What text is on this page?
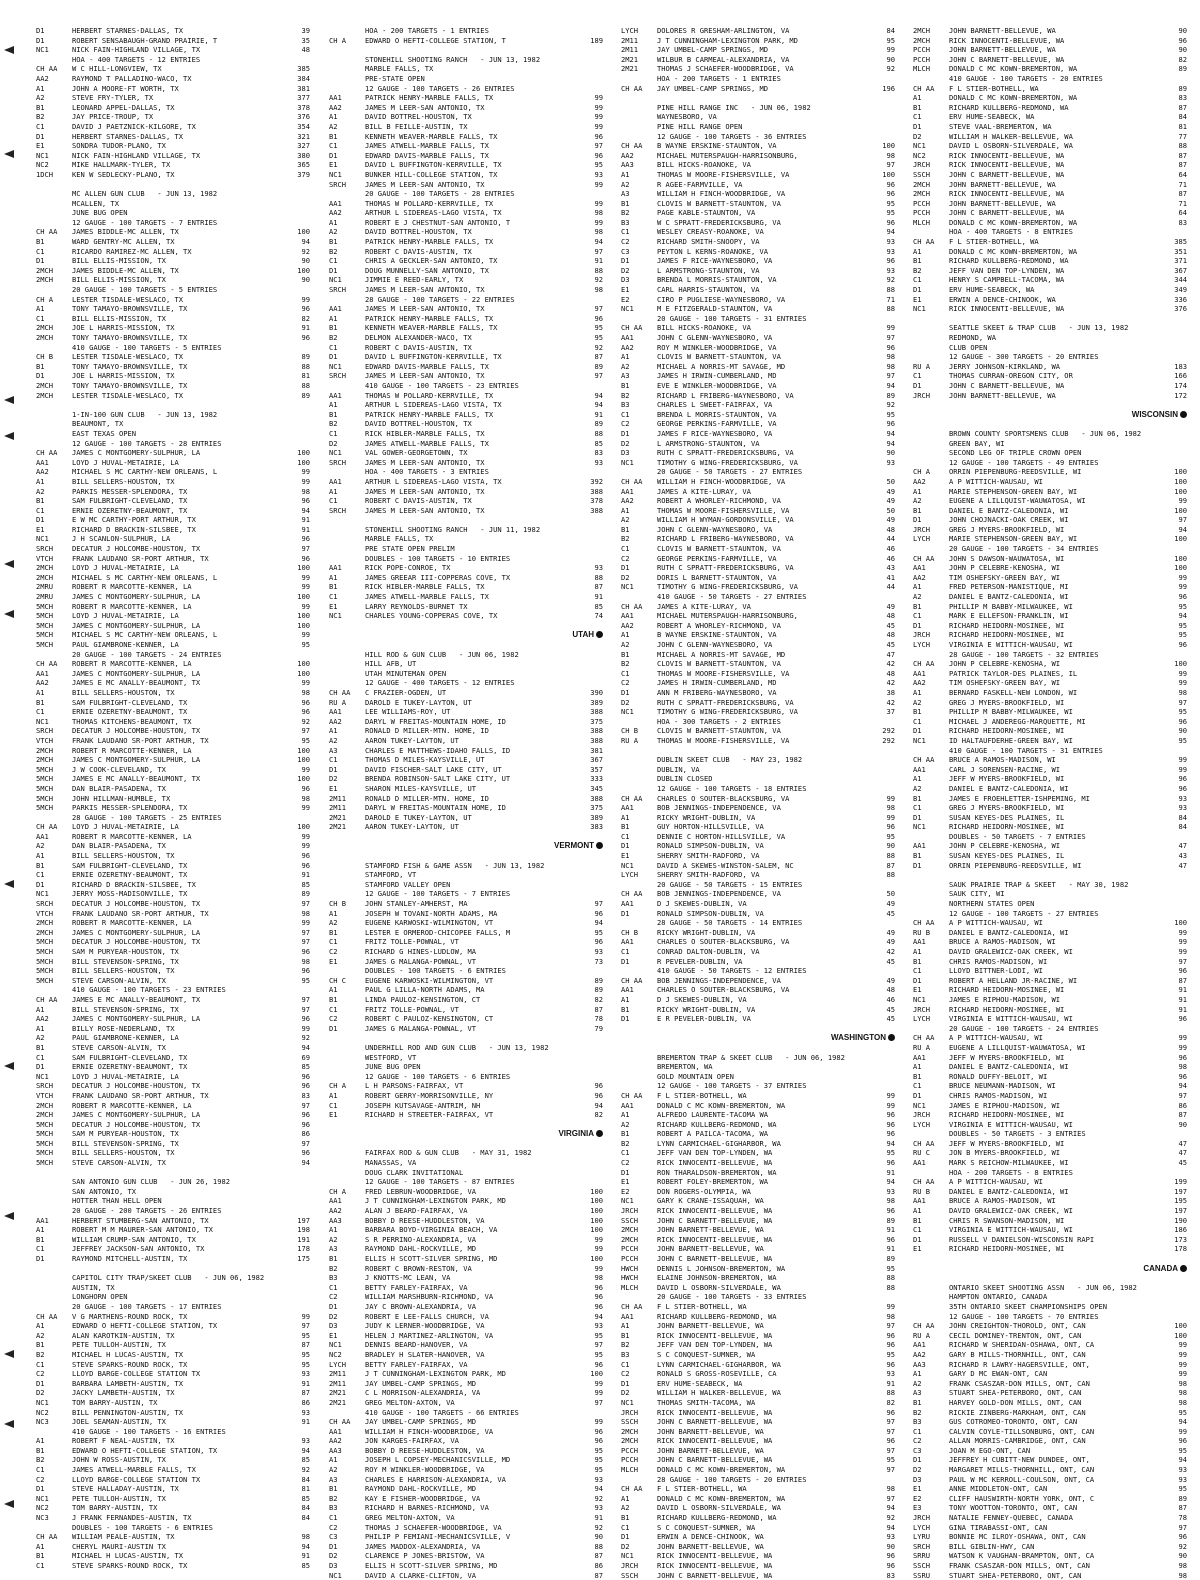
D1	HERBERT STARNES-DALLAS, TX	39
D1	ROBERT SENSABAUGH-GRAND PRAIRIE, T	35
NC1	NICK FAIN-HIGHLAND VILLAGE, TX	48
HOA - 400 TARGETS - 12 ENTRIES
CH AA W C HILL-LONGVIEW, TX	385
AA2	RAYMOND T PALLADINO-WACO, TX	384
A1	JOHN A MOORE-FT WORTH, TX	381
A2	STEVE FRY-TYLER, TX	377
B1	LEONARD APPEL-DALLAS, TX	378
B2	JAY PRICE-TROUP, TX	376
C1	DAVID J PAETZNICK-KILGORE, TX	354
D1	HERBERT STARNES-DALLAS, TX	321
E1	SONDRA TUDOR-PLANO, TX	327
NC1	NICK FAIN-HIGHLAND VILLAGE, TX	380
NC2	MIKE HALLMARK-TYLER, TX	365
1DCH	KEN W SEDLECKY-PLANO, TX	379
MC ALLEN GUN CLUB   - JUN 13, 1982
MCALLEN, TX
JUNE BUG OPEN
12 GAUGE - 100 TARGETS - 7 ENTRIES
CH AA JAMES BIDDLE-MC ALLEN, TX	100
B1	WARD GENTRY-MC ALLEN, TX	94
C1	RICARDO RAMIREZ-MC ALLEN, TX	92
D1	BILL ELLIS-MISSION, TX	90
2MCH	JAMES BIDDLE-MC ALLEN, TX	100
2MCH	BILL ELLIS-MISSION, TX	90
20 GAUGE - 100 TARGETS - 5 ENTRIES
CH A	LESTER TISDALE-WESLACO, TX	99
A1	TONY TAMAYO-BROWNSVILLE, TX	96
C1	BILL ELLIS-MISSION, TX	82
2MCH	JOE L HARRIS-MISSION, TX	91
2MCH	TONY TAMAYO-BROWNSVILLE, TX	96
410 GAUGE - 100 TARGETS - 5 ENTRIES
CH B	LESTER TISDALE-WESLACO, TX	89
B1	TONY TAMAYO-BROWNSVILLE, TX	88
D1	JOE L HARRIS-MISSION, TX	81
2MCH	TONY TAMAYO-BROWNSVILLE, TX	88
2MCH	LESTER TISDALE-WESLACO, TX	89
1-IN-100 GUN CLUB   - JUN 13, 1982
BEAUMONT, TX
EAST TEXAS OPEN
12 GAUGE - 100 TARGETS - 28 ENTRIES
CH AA JAMES C MONTGOMERY-SULPHUR, LA	100
AA1	LOYD J HUVAL-METAIRIE, LA	100
AA2	MICHAEL S MC CARTHY-NEW ORLEANS, L	99
A1	BILL SELLERS-HOUSTON, TX	99
A2	PARKIS MESSER-SPLENDORA, TX	98
B1	SAM FULBRIGHT-CLEVELAND, TX	96
C1	ERNIE OZERETNY-BEAUMONT, TX	94
D1	E W MC CARTHY-PORT ARTHUR, TX	91
E1	RICHARD D BRACKIN-SILSBEE, TX	91
NC1	J H SCANLON-SULPHUR, LA	96
SRCH	DECATUR J HOLCOMBE-HOUSTON, TX	97
VTCH	FRANK LAUDANO SR-PORT ARTHUR, TX	96
2MCH	LOYD J HUVAL-METAIRIE, LA	100
2MCH	MICHAEL S MC CARTHY-NEW ORLEANS, L	99
2MRU	ROBERT R MARCOTTE-KENNER, LA	99
2MRU	JAMES C MONTGOMERY-SULPHUR, LA	100
5MCH	ROBERT R MARCOTTE-KENNER, LA	99
5MCH	LOYD J HUVAL-METAIRIE, LA	100
5MCH	JAMES C MONTGOMERY-SULPHUR, LA	100
5MCH	MICHAEL S MC CARTHY-NEW ORLEANS, L	99
5MCH	PAUL GIAMBRONE-KENNER, LA	95
20 GAUGE - 100 TARGETS - 24 ENTRIES
CH AA ROBERT R MARCOTTE-KENNER, LA	100
AA1	JAMES C MONTGOMERY-SULPHUR, LA	100
AA2	JAMES E MC ANALLY-BEAUMONT, TX	99
A1	BILL SELLERS-HOUSTON, TX	98
B1	SAM FULBRIGHT-CLEVELAND, TX	96
C1	ERNIE OZERETNY-BEAUMONT, TX	96
NC1	THOMAS KITCHENS-BEAUMONT, TX	92
SRCH	DECATUR J HOLCOMBE-HOUSTON, TX	97
VTCH	FRANK LAUDANO SR-PORT ARTHUR, TX	95
2MCH	ROBERT R MARCOTTE-KENNER, LA	100
2MCH	JAMES C MONTGOMERY-SULPHUR, LA	100
5MCH	J W COOK-CLEVELAND, TX	99
5MCH	JAMES E MC ANALLY-BEAUMONT, TX	100
5MCH	DAN BLAIR-PASADENA, TX	96
5MCH	JOHN HILLMAN-HUMBLE, TX	98
5MCH	PARKIS MESSER-SPLENDORA, TX	99
28 GAUGE - 100 TARGETS - 25 ENTRIES
CH AA LOYD J HUVAL-METAIRIE, LA	100
AA1	ROBERT R MARCOTTE-KENNER, LA	99
A2	DAN BLAIR-PASADENA, TX	99
A1	BILL SELLERS-HOUSTON, TX	96
B1	SAM FULBRIGHT-CLEVELAND, TX	96
C1	ERNIE OZERETNY-BEAUMONT, TX	91
D1	RICHARD D BRACKIN-SILSBEE, TX	85
NC1	JERRY MOSS-MADISONVILLE, TX	89
SRCH	DECATUR J HOLCOMBE-HOUSTON, TX	97
VTCH	FRANK LAUDANO SR-PORT ARTHUR, TX	98
2MCH	ROBERT R MARCOTTE-KENNER, LA	99
2MCH	JAMES C MONTGOMERY-SULPHUR, LA	97
5MCH	DECATUR J HOLCOMBE-HOUSTON, TX	97
5MCH	SAM M PURYEAR-HOUSTON, TX	96
5MCH	BILL STEVENSON-SPRING, TX	98
5MCH	BILL SELLERS-HOUSTON, TX	96
5MCH	STEVE CARSON-ALVIN, TX	95
410 GAUGE - 100 TARGETS - 23 ENTRIES
CH AA JAMES E MC ANALLY-BEAUMONT, TX	97
A1	BILL STEVENSON-SPRING, TX	97
AA2	JAMES C MONTGOMERY-SULPHUR, LA	96
A1	BILLY ROSE-NEDERLAND, TX	99
A2	PAUL GIAMBRONE-KENNER, LA	92
B1	STEVE CARSON-ALVIN, TX	94
C1	SAM FULBRIGHT-CLEVELAND, TX	69
D1	ERNIE OZERETNY-BEAUMONT, TX	85
NC1	LOYD J HUVAL-METAIRIE, LA	96
SRCH	DECATUR J HOLCOMBE-HOUSTON, TX	96
VTCH	FRANK LAUDANO SR-PORT ARTHUR, TX	83
2MCH	ROBERT R MARCOTTE-KENNER, LA	97
2MCH	JAMES C MONTGOMERY-SULPHUR, LA	96
5MCH	DECATUR J HOLCOMBE-HOUSTON, TX	96
5MCH	SAM M PURYEAR-HOUSTON, TX	86
5MCH	BILL STEVENSON-SPRING, TX	97
5MCH	BILL SELLERS-HOUSTON, TX	96
5MCH	STEVE CARSON-ALVIN, TX	94
SAN ANTONIO GUN CLUB   - JUN 26, 1982
SAN ANTONIO, TX
HOTTER THAN HELL OPEN
20 GAUGE - 200 TARGETS - 26 ENTRIES
AA1	HERBERT STUMBERG-SAN ANTONIO, TX	197
A1	ROBERT M M MAURER-SAN ANTONIO, TX	198
B1	WILLIAM CRUMP-SAN ANTONIO, TX	191
C1	JEFFREY JACKSON-SAN ANTONIO, TX	178
D1	RAYMOND MITCHELL-AUSTIN, TX	175
CAPITOL CITY TRAP/SKEET CLUB   - JUN 06, 1982
AUSTIN, TX
LONGHORN OPEN
20 GAUGE - 100 TARGETS - 17 ENTRIES
CH AA V G MARTHENS-ROUND ROCK, TX	99
A1	EDWARD O HEFTI-COLLEGE STATION, TX	97
A2	ALAN KAROTKIN-AUSTIN, TX	95
B1	PETE TULLOH-AUSTIN, TX	87
B2	MICHAEL H LUCAS-AUSTIN, TX	95
C1	STEVE SPARKS-ROUND ROCK, TX	95
C2	LLOYD BARGE-COLLEGE STATION TX	93
D1	BARBARA LAMBETH-AUSTIN, TX	91
D2	JACKY LAMBETH-AUSTIN, TX	87
NC1	TOM BARRY-AUSTIN, TX	86
NC2	BILL PENNINGTON-AUSTIN, TX	93
NC3	JOEL SEAMAN-AUSTIN, TX	91
410 GAUGE - 100 TARGETS - 16 ENTRIES
A1	ROBERT F NEAL-AUSTIN, TX	93
B1	EDWARD O HEFTI-COLLEGE STATION, TX	94
B2	JOHN W ROSS-AUSTIN, TX	85
C1	JAMES ATWELL-MARBLE FALLS, TX	92
C2	LLOYD BARGE-COLLEGE STATION TX	84
D1	STEVE HALLADAY-AUSTIN, TX	81
NC1	PETE TULLOH-AUSTIN, TX	85
NC2	TOM BARRY-AUSTIN, TX	84
NC3	J FRANK FERNANDES-AUSTIN, TX	84
DOUBLES - 100 TARGETS - 6 ENTRIES
CH AA WILLIAM PEALE-AUSTIN, TX	98
A1	CHERYL MAURI-AUSTIN TX	94
B1	MICHAEL H LUCAS-AUSTIN, TX	91
C1	STEVE SPARKS-ROUND ROCK, TX	85
HOA - 200 TARGETS - 1 ENTRIES
CH A	EDWARD O HEFTI-COLLEGE STATION, T	189
STONEHILL SHOOTING RANCH   - JUN 13, 1982
MARBLE FALLS, TX
PRE-STATE OPEN
12 GAUGE - 100 TARGETS - 26 ENTRIES
AA1	PATRICK HENRY-MARBLE FALLS, TX	99
AA2	JAMES M LEER-SAN ANTONIO, TX	99
A1	DAVID BOTTREL-HOUSTON, TX	99
A2	BILL B FEILLE-AUSTIN, TX	99
B1	KENNETH WEAVER-MARBLE FALLS, TX	96
C1	JAMES ATWELL-MARBLE FALLS, TX	97
D1	EDWARD DAVIS-MARBLE FALLS, TX	96
E1	DAVID L BUFFINGTON-KERRVILLE, TX	95
NC1	BUNKER HILL-COLLEGE STATION, TX	93
SRCH	JAMES M LEER-SAN ANTONIO, TX	99
20 GAUGE - 100 TARGETS - 28 ENTRIES
AA1	THOMAS W POLLARD-KERRVILLE, TX	99
AA2	ARTHUR L SIDEREAS-LAGO VISTA, TX	98
A1	ROBERT E J CHESTNUT-SAN ANTONIO, T	99
A2	DAVID BOTTREL-HOUSTON, TX	98
B1	PATRICK HENRY-MARBLE FALLS, TX	94
B2	ROBERT C DAVIS-AUSTIN, TX	97
C1	CHRIS A GECKLER-SAN ANTONIO, TX	91
D1	DOUG MUNNELLY-SAN ANTONIO, TX	88
NC1	JIMMIE E REED-EARLY, TX	92
SRCH	JAMES M LEER-SAN ANTONIO, TX	98
28 GAUGE - 100 TARGETS - 22 ENTRIES
AA1	JAMES M LEER-SAN ANTONIO, TX	97
A1	PATRICK HENRY-MARBLE FALLS, TX	96
B1	KENNETH WEAVER-MARBLE FALLS, TX	95
B2	DELMON ALEXANDER-WACO, TX	95
C1	ROBERT C DAVIS-AUSTIN, TX	92
D1	DAVID L BUFFINGTON-KERRVILLE, TX	87
NC1	EDWARD DAVIS-MARBLE FALLS, TX	89
SRCH	JAMES M LEER-SAN ANTONIO, TX	97
410 GAUGE - 100 TARGETS - 23 ENTRIES
AA1	THOMAS W POLLARD-KERRVILLE, TX	94
A1	ARTHUR L SIDEREAS-LAGO VISTA, TX	94
B1	PATRICK HENRY-MARBLE FALLS, TX	91
B2	DAVID BOTTREL-HOUSTON, TX	89
C1	RICK HIBLER-MARBLE FALLS, TX	88
D2	JAMES ATWELL-MARBLE FALLS, TX	85
NC1	VAL GOWER-GEORGETOWN, TX	83
SRCH	JAMES M LEER-SAN ANTONIO, TX	93
HOA - 400 TARGETS - 3 ENTRIES
AA1	ARTHUR L SIDEREAS-LAGO VISTA, TX	392
A1	JAMES M LEER-SAN ANTONIO, TX	388
C1	ROBERT C DAVIS-AUSTIN, TX	378
SRCH	JAMES M LEER-SAN ANTONIO, TX	388
STONEHILL SHOOTING RANCH   - JUN 11, 1982
MARBLE FALLS, TX
PRE STATE OPEN PRELIM
DOUBLES - 100 TARGETS - 10 ENTRIES
AA1	RICK POPE-CONROE, TX	93
A1	JAMES GREEAR III-COPPERAS COVE, TX	88
B1	RICK HIBLER-MARBLE FALLS, TX	87
C1	JAMES ATWELL-MARBLE FALLS, TX	91
E1	LARRY REYNOLDS-BURNET TX	85
NC1	CHARLES YOUNG-COPPERAS COVE, TX	74
UTAH
HILL ROD & GUN CLUB   - JUN 06, 1982
HILL AFB, UT
UTAH MINUTEMAN OPEN
12 GAUGE - 400 TARGETS - 12 ENTRIES
CH AA C FRAZIER-OGDEN, UT	390
RU A	DAROLD E TUKEY-LAYTON, UT	389
AA1	LEE WILLIAMS-ROY, UT	388
AA2	DARYL W FREITAS-MOUNTAIN HOME, ID	375
A1	RONALD D MILLER-MTN. HOME, ID	388
A2	AARON TUKEY-LAYTON, UT	388
A3	CHARLES E MATTHEWS-IDAHO FALLS, ID	381
C1	THOMAS D MILES-KAYSVILLE, UT	367
D1	DAVID FISCHER-SALT LAKE CITY, UT	357
D2	BRENDA ROBINSON-SALT LAKE CITY, UT	333
E1	SHARON MILES-KAYSVILLE, UT	345
2M11	RONALD D MILLER-MTN. HOME, ID	388
2M11	DARYL W FREITAS-MOUNTAIN HOME, ID	375
2M21	DAROLD E TUKEY-LAYTON, UT	389
2M21	AARON TUKEY-LAYTON, UT	383
VERMONT
STAMFORD FISH & GAME ASSN   - JUN 13, 1982
STAMFORD, VT
STAMFORD VALLEY OPEN
12 GAUGE - 100 TARGETS - 7 ENTRIES
CH B	JOHN STANLEY-AMHERST, MA	97
A1	JOSEPH W TOVANI-NORTH ADAMS, MA	96
A2	EUGENE KARWOSKI-WILMINGTON, VT	94
B1	LESTER E ORMEROD-CHICOPEE FALLS, M	95
C1	FRITZ TOLLE-POWNAL, VT	96
C2	RICHARD G HINES-LUDLOW, MA	93
E1	JAMES G MALANGA-POWNAL, VT	73
DOUBLES - 100 TARGETS - 6 ENTRIES
CH C	EUGENE KARWOSKI-WILMINGTON, VT	89
A1	PAUL G LILLA-NORTH ADAMS, MA	89
B1	LINDA PAULOZ-KENSINGTON, CT	82
C1	FRITZ TOLLE-POWNAL, VT	87
C2	ROBERT C PAULOZ-KENSINGTON, CT	78
D1	JAMES G MALANGA-POWNAL, VT	79
UNDERHILL ROD AND GUN CLUB   - JUN 13, 1982
WESTFORD, VT
JUNE BUG OPEN
12 GAUGE - 100 TARGETS - 6 ENTRIES
CH A	L H PARSONS-FAIRFAX, VT	96
A1	ROBERT GERRY-MORRISONVILLE, NY	96
C1	JOSEPH KUTSAVAGE-ANTRIM, NH	94
E1	RICHARD H STREETER-FAIRFAX, VT	82
VIRGINIA
FAIRFAX ROD & GUN CLUB   - MAY 31, 1982
MANASSAS, VA
DOUG CLARK INVITATIONAL
12 GAUGE - 100 TARGETS - 87 ENTRIES
CH A	FRED LEBRUN-WOODBRIDGE, VA	100
AA1	J T CUNNINGHAM-LEXINGTON PARK, MD	100
AA2	ALAN J BEARD-FAIRFAX, VA	100
AA3	BOBBY D REESE-HUDDLESTON, VA	100
A1	BARBARA BOYD-VIRGINIA BEACH, VA	100
A2	S R PERRINO-ALEXANDRIA, VA	99
A3	RAYMOND DAHL-ROCKVILLE, MD	99
B1	ELLIS H SCOTT-SILVER SPRING, MD	100
B2	ROBERT C BROWN-RESTON, VA	99
B3	J KNOTTS-MC LEAN, VA	98
C1	BETTY FARLEY-FAIRFAX, VA	96
C2	WILLIAM MARSHBURN-RICHMOND, VA	96
D1	JAY C BROWN-ALEXANDRIA, VA	96
D2	ROBERT E LEE-FALLS CHURCH, VA	94
D3	JUDY K LERNER-WOODBRIDGE, VA	93
E1	HELEN J MARTINEZ-ARLINGTON, VA	95
NC1	DENNIS BEARD-HANOVER, VA	97
NC2	BRADLEY H SLATER-HANOVER, VA	95
LYCH	BETTY FARLEY-FAIRFAX, VA	96
2M11	J T CUNNINGHAM-LEXINGTON PARK, MD	100
2M11	JAY UMBEL-CAMP SPRINGS, MD	99
2M21	C L MORRISON-ALEXANDRIA, VA	99
2M21	GREG MELTON-AXTON, VA	97
410 GAUGE - 100 TARGETS - 66 ENTRIES
CH AA JAY UMBEL-CAMP SPRINGS, MD	99
AA1	WILLIAM H FINCH-WOODBRIDGE, VA	96
AA2	JON KARGES-FAIRFAX, VA	96
AA3	BOBBY D REESE-HUDDLESTON, VA	95
A1	JOSEPH L COPSEY-MECHANICSVILLE, MD	95
A2	ROY M WINKLER-WOODBRIDGE, VA	95
A3	CHARLES E HARRISON-ALEXANDRIA, VA	93
B1	RAYMOND DAHL-ROCKVILLE, MD	94
B2	KAY E FISHER-WOODBRIDGE, VA	92
B3	RICHARD H BARNES-RICHMOND, VA	93
C1	GREG MELTON-AXTON, VA	91
C2	THOMAS J SCHAEFER-WOODBRIDGE, VA	92
C3	PHILIP P FEMIANI-MECHANICSVILLE, V	90
D1	JAMES MADDOX-ALEXANDRIA, VA	88
D2	CLARENCE P JONES-BRISTOW, VA	87
D3	ELLIS H SCOTT-SILVER SPRING, MD	86
NC1	DAVID A CLARKE-CLIFTON, VA	87
LYCH	DOLORES R GRESHAM-ARLINGTON, VA	84
2M11	J T CUNNINGHAM-LEXINGTON PARK, MD	95
2M11	JAY UMBEL-CAMP SPRINGS, MD	99
2M21	WILBUR B CARMEAL-ALEXANDRIA, VA	90
2M21	THOMAS J SCHAEFER-WOODBRIDGE, VA	92
HOA - 200 TARGETS - 1 ENTRIES
CH AA JAY UMBEL-CAMP SPRINGS, MD	196
PINE HILL RANGE INC   - JUN 06, 1982
WAYNESBORO, VA
PINE HILL RANGE OPEN
12 GAUGE - 100 TARGETS - 36 ENTRIES
CH AA B WAYNE ERSKINE-STAUNTON, VA	100
AA2	MICHAEL MUTERSPAUGH-HARRISONBURG,	98
AA3	BILL HICKS-ROANOKE, VA	97
A1	THOMAS W MOORE-FISHERSVILLE, VA	100
A2	R AGEE-FARMVILLE, VA	96
A3	WILLIAM H FINCH-WOODBRIDGE, VA	96
B1	CLOVIS W BARNETT-STAUNTON, VA	95
B2	PAGE KABLE-STAUNTON, VA	95
B3	W C SPRATT-FREDERICKSBURG, VA	96
C1	WESLEY CREASY-ROANOKE, VA	94
C2	RICHARD SMITH-SNOOPY, VA	93
C3	PEYTON L KERNS-ROANOKE, VA	93
D1	JAMES F RICE-WAYNESBORO, VA	96
D2	L ARMSTRONG-STAUNTON, VA	93
D3	BRENDA L MORRIS-STAUNTON, VA	92
E1	CARL HARRIS-STAUNTON, VA	88
E2	CIRO P PUGLIESE-WAYNESBORO, VA	71
NC1	M E FITZGERALD-STAUNTON, VA	88
20 GAUGE - 100 TARGETS - 31 ENTRIES
CH AA BILL HICKS-ROANOKE, VA	99
AA1	JOHN C GLENN-WAYNESBORO, VA	97
AA2	ROY M WINKLER-WOODBRIDGE, VA	96
A1	CLOVIS W BARNETT-STAUNTON, VA	98
A2	MICHAEL A NORRIS-MT SAVAGE, MD	98
A3	JAMES H IRWIN-CUMBERLAND, MD	97
B1	EVE E WINKLER-WOODBRIDGE, VA	94
B2	RICHARD L FRIBERG-WAYNESBORO, VA	89
B3	CHARLES L SWEET-FAIRFAX, VA	92
C1	BRENDA L MORRIS-STAUNTON, VA	95
C2	GEORGE PERKINS-FARMVILLE, VA	96
D1	JAMES F RICE-WAYNESBORO, VA	94
D2	L ARMSTRONG-STAUNTON, VA	94
D3	RUTH C SPRATT-FREDERICKSBURG, VA	90
NC1	TIMOTHY G WING-FREDERICKSBURG, VA	93
20 GAUGE - 50 TARGETS - 27 ENTRIES
CH AA WILLIAM H FINCH-WOODBRIDGE, VA	50
AA1	JAMES A KITE-LURAY, VA	49
AA2	ROBERT A WHORLEY-RICHMOND, VA	49
A1	THOMAS W MOORE-FISHERSVILLE, VA	50
A2	WILLIAM H WYMAN-GORDONSVILLE, VA	49
B1	JOHN C GLENN-WAYNESBORO, VA	48
B2	RICHARD L FRIBERG-WAYNESBORO, VA	44
C1	CLOVIS W BARNETT-STAUNTON, VA	46
C2	GEORGE PERKINS-FARMVILLE, VA	46
D1	RUTH C SPRATT-FREDERICKSBURG, VA	43
D2	DORIS L BARNETT-STAUNTON, VA	41
NC1	TIMOTHY G WING-FREDERICKSBURG, VA	44
410 GAUGE - 50 TARGETS - 27 ENTRIES
CH AA JAMES A KITE-LURAY, VA	49
AA1	MICHAEL MUTERSPAUGH-HARRISONBURG,	48
AA2	ROBERT A WHORLEY-RICHMOND, VA	45
A1	B WAYNE ERSKINE-STAUNTON, VA	48
A2	JOHN C GLENN-WAYNESBORO, VA	45
B1	MICHAEL A NORRIS-MT SAVAGE, MD	47
B2	CLOVIS W BARNETT-STAUNTON, VA	42
C1	THOMAS W MOORE-FISHERSVILLE, VA	48
C2	JAMES H IRWIN-CUMBERLAND, MD	42
D1	ANN M FRIBERG-WAYNESBORO, VA	38
D2	RUTH C SPRATT-FREDERICKSBURG, VA	42
NC1	TIMOTHY G WING-FREDERICKSBURG, VA	37
HOA - 300 TARGETS - 2 ENTRIES
CH B	CLOVIS W BARNETT-STAUNTON, VA	292
RU A	THOMAS W MOORE-FISHERSVILLE, VA	292
DUBLIN SKEET CLUB   - MAY 23, 1982
DUBLIN, VA
DUBLIN CLOSED
12 GAUGE - 100 TARGETS - 18 ENTRIES
CH AA CHARLES O SOUTER-BLACKSBURG, VA	99
AA1	BOB JENNINGS-INDEPENDENCE, VA	98
A1	RICKY WRIGHT-DUBLIN, VA	99
B1	GUY HORTON-HILLSVILLE, VA	96
C1	DENNIE C HORTON-HILLSVILLE, VA	95
D1	RONALD SIMPSON-DUBLIN, VA	90
E1	SHERRY SMITH-RADFORD, VA	88
NC1	DAVID A SKEWES-WINSTON-SALEM, NC	87
LYCH	SHERRY SMITH-RADFORD, VA	88
20 GAUGE - 50 TARGETS - 15 ENTRIES
CH AA BOB JENNINGS-INDEPENDENCE, VA	50
AA1	D J SKEWES-DUBLIN, VA	49
D1	RONALD SIMPSON-DUBLIN, VA	45
28 GAUGE - 50 TARGETS - 14 ENTRIES
CH B	RICKY WRIGHT-DUBLIN, VA	49
AA1	CHARLES O SOUTER-BLACKSBURG, VA	49
C1	CONRAD DALTON-DUBLIN, VA	42
D1	R PEVELER-DUBLIN, VA	45
410 GAUGE - 50 TARGETS - 12 ENTRIES
CH AA BOB JENNINGS-INDEPENDENCE, VA	49
AA1	CHARLES O SOUTER-BLACKSBURG, VA	48
A1	D J SKEWES-DUBLIN, VA	46
B1	RICKY WRIGHT-DUBLIN, VA	45
D1	E R PEVELER-DUBLIN, VA	45
WASHINGTON
BREMERTON TRAP & SKEET CLUB   - JUN 06, 1982
BREMERTON, WA
GOLD MOUNTAIN OPEN
12 GAUGE - 100 TARGETS - 37 ENTRIES
CH AA F L STIER-BOTHELL, WA	99
AA1	DONALD C MC KOWN-BREMERTON, WA	99
A1	ALFREDO LAURENTE-TACOMA WA	96
A2	RICHARD KULLBERG-REDMOND, WA	96
B1	ROBERT A PAILCA-TACOMA, WA	96
B2	LYNN CARMICHAEL-GIGHARBOR, WA	94
C1	JEFF VAN DEN TOP-LYNDEN, WA	95
C2	RICK INNOCENTI-BELLEVUE, WA	96
D1	RON THARALDSON-BREMERTON, WA	91
E1	ROBERT FOLEY-BREMERTON, WA	94
E2	DON ROGERS-OLYMPIA, WA	93
NC1	GARY K CRANE-ISSAQUAH, WA	98
JRCH	RICK INNOCENTI-BELLEVUE, WA	96
SSCH	JOHN C BARNETT-BELLEVUE, WA	89
2MCH	JOHN BARNETT-BELLEVUE, WA	91
2MCH	RICK INNOCENTI-BELLEVUE, WA	96
PCCH	JOHN BARNETT-BELLEVUE, WA	91
PCCH	JOHN C BARNETT-BELLEVUE, WA	89
HWCH	DENNIS L JOHNSON-BREMERTON, WA	95
HWCH	ELAINE JOHNSON-BREMERTON, WA	88
MLCH	DAVID L OSBORN-SILVERDALE, WA	88
20 GAUGE - 100 TARGETS - 33 ENTRIES
CH AA F L STIER-BOTHELL, WA	99
AA1	RICHARD KULLBERG-REDMOND, WA	98
A1	JOHN BARNETT-BELLEVUE, WA	97
B1	RICK INNOCENTI-BELLEVUE, WA	96
B2	JEFF VAN DEN TOP-LYNDEN, WA	96
B3	S C CONQUEST-SUMNER, WA	95
C1	LYNN CARMICHAEL-GIGHARBOR, WA	96
C2	RONALD S GROSS-ROSEVILLE, CA	93
D1	ERV HUME-SEABECK, WA	91
D2	WILLIAM H WALKER-BELLEVUE, WA	88
NC1	THOMAS SMITH-TACOMA, WA	82
JRCH	RICK INNOCENTI-BELLEVUE, WA	96
SSCH	JOHN C BARNETT-BELLEVUE, WA	97
2MCH	JOHN BARNETT-BELLEVUE, WA	97
2MCH	RICK INNOCENTI-BELLEVUE, WA	96
PCCH	JOHN BARNETT-BELLEVUE, WA	97
PCCH	JOHN C BARNETT-BELLEVUE, WA	95
MLCH	DONALD C MC KOWN-BREMERTON, WA	97
28 GAUGE - 100 TARGETS - 20 ENTRIES
CH AA F L STIER-BOTHELL, WA	98
A1	DONALD C MC KOWN-BREMERTON, WA	97
A2	DAVID L OSBORN-SILVERDALE, WA	94
B1	RICHARD KULLBERG-REDMOND, WA	92
C1	S C CONQUEST-SUMNER, WA	94
D1	ERWIN A DENCE-CHINOOK, WA	93
D2	JOHN BARNETT-BELLEVUE, WA	90
NC1	RICK INNOCENTI-BELLEVUE, WA	96
JRCH	RICK INNOCENTI-BELLEVUE, WA	96
SSCH	JOHN C BARNETT-BELLEVUE, WA	83
2MCH	JOHN BARNETT-BELLEVUE, WA	90
2MCH	RICK INNOCENTI-BELLEVUE, WA	96
PCCH	JOHN BARNETT-BELLEVUE, WA	90
PCCH	JOHN C BARNETT-BELLEVUE, WA	82
MLCH	DONALD C MC KOWN-BREMERTON, WA	89
410 GAUGE - 100 TARGETS - 20 ENTRIES
CH AA F L STIER-BOTHELL, WA	89
A1	DONALD C MC KOWN-BREMERTON, WA	83
B1	RICHARD KULLBERG-REDMOND, WA	87
C1	ERV HUME-SEABECK, WA	84
D1	STEVE VAAL-BREMERTON, WA	81
D2	WILLIAM H WALKER-BELLEVUE, WA	77
NC1	DAVID L OSBORN-SILVERDALE, WA	88
NC2	RICK INNOCENTI-BELLEVUE, WA	87
JRCH	RICK INNOCENTI-BELLEVUE, WA	87
SSCH	JOHN C BARNETT-BELLEVUE, WA	64
2MCH	JOHN BARNETT-BELLEVUE, WA	71
2MCH	RICK INNOCENTI-BELLEVUE, WA	87
PCCH	JOHN BARNETT-BELLEVUE, WA	71
PCCH	JOHN C BARNETT-BELLEVUE, WA	64
MLCH	DONALD C MC KOWN-BREMERTON, WA	83
HOA - 400 TARGETS - 8 ENTRIES
CH AA F L STIER-BOTHELL, WA	385
A1	DONALD C MC KOWN-BREMERTON, WA	351
B1	RICHARD KULLBERG-REDMOND, WA	371
B2	JEFF VAN DEN TOP-LYNDEN, WA	367
C1	HENRY S CAMPBELL-TACOMA, WA	344
D1	ERV HUME-SEABECK, WA	349
E1	ERWIN A DENCE-CHINOOK, WA	336
NC1	RICK INNOCENTI-BELLEVUE, WA	376
SEATTLE SKEET & TRAP CLUB   - JUN 13, 1982
REDMOND, WA
CLUB OPEN
12 GAUGE - 300 TARGETS - 20 ENTRIES
RU A	JERRY JOHNSON-KIRKLAND, WA	183
C1	THOMAS CURRAN-OREGON CITY, OR	166
D1	JOHN C BARNETT-BELLEVUE, WA	174
JRCH	JOHN BARNETT-BELLEVUE, WA	172
WISCONSIN
BROWN COUNTY SPORTSMENS CLUB   - JUN 06, 1982
GREEN BAY, WI
SECOND LEG OF TRIPLE CROWN OPEN
12 GAUGE - 100 TARGETS - 49 ENTRIES
CH A	ORRIN PIEPENBURG-REEDSVILLE, WI	100
AA2	A P WITTICH-WAUSAU, WI	100
A1	MARIE STEPHENSON-GREEN BAY, WI	100
A2	EUGENE A LILLQUIST-WAUWATOSA, WI	99
B1	DANIEL E BANTZ-CALEDONIA, WI	100
D1	JOHN CHOJNACKI-OAK CREEK, WI	97
JRCH	GREG J MYERS-BROOKFIELD, WI	94
LYCH	MARIE STEPHENSON-GREEN BAY, WI	100
20 GAUGE - 100 TARGETS - 34 ENTRIES
CH AA JOHN S DAWSON-WAUWATOSA, WI	100
AA1	JOHN P CELEBRE-KENOSHA, WI	100
AA2	TIM OSHEFSKY-GREEN BAY, WI	99
A1	FRED PETERSON-MANISTIQUE, MI	99
A2	DANIEL E BANTZ-CALEDONIA, WI	96
B1	PHILLIP M BABBY-MILWAUKEE, WI	95
C1	MARK E ELLEFSON-FRANKLIN, WI	94
D1	RICHARD HEIDORN-MOSINEE, WI	95
JRCH	RICHARD HEIDORN-MOSINEE, WI	95
LYCH	VIRGINIA E WITTICH-WAUSAU, WI	96
28 GAUGE - 100 TARGETS - 32 ENTRIES
CH AA JOHN P CELEBRE-KENOSHA, WI	100
AA1	PATRICK TAYLOR-DES PLAINES, IL	99
AA2	TIM OSHEFSKY-GREEN BAY, WI	99
A1	BERNARD FASKELL-NEW LONDON, WI	98
A2	GREG J MYERS-BROOKFIELD, WI	97
B1	PHILLIP M BABBY-MILWAUKEE, WI	95
C1	MICHAEL J ANDEREGG-MARQUETTE, MI	96
D1	RICHARD HEIDORN-MOSINEE, WI	90
NC1	ID HALTAUFDERHE-GREEN BAY, WI	95
410 GAUGE - 100 TARGETS - 31 ENTRIES
CH AA BRUCE A RAMOS-MADISON, WI	99
AA1	CARL J SORENSEN-RACINE, WI	99
A1	JEFF W MYERS-BROOKFIELD, WI	96
A2	DANIEL E BANTZ-CALEDONIA, WI	96
B1	JAMES E FROEHLETTER-ISHPEMING, MI	93
C1	GREG J MYERS-BROOKFIELD, WI	93
D1	SUSAN KEYES-DES PLAINES, IL	84
NC1	RICHARD HEIDORN-MOSINEE, WI	84
DOUBLES - 50 TARGETS - 7 ENTRIES
AA1	JOHN P CELEBRE-KENOSHA, WI	47
B1	SUSAN KEYES-DES PLAINES, IL	43
D1	ORRIN PIEPENBURG-REEDSVILLE, WI	47
SAUK PRAIRIE TRAP & SKEET   - MAY 30, 1982
SAUK CITY, WI
NORTHERN STATES OPEN
12 GAUGE - 100 TARGETS - 27 ENTRIES
CH AA A P WITTICH-WAUSAU, WI	100
RU B	DANIEL E BANTZ-CALEDONIA, WI	99
AA1	BRUCE A RAMOS-MADISON, WI	99
A1	DAVID GRALEWICZ-OAK CREEK, WI	99
B1	CHRIS RAMOS-MADISON, WI	97
C1	LLOYD BITTNER-LODI, WI	96
D1	ROBERT A HELLAND JR-RACINE, WI	87
E1	RICHARD HEIDORN-MOSINEE, WI	91
NC1	JAMES E RIPHOU-MADISON, WI	91
JRCH	RICHARD HEIDORN-MOSINEE, WI	91
LYCH	VIRGINIA E WITTICH-WAUSAU, WI	96
20 GAUGE - 100 TARGETS - 24 ENTRIES
CH AA A P WITTICH-WAUSAU, WI	99
RU A	EUGENE A LILLQUIST-WAUWATOSA, WI	99
AA1	JEFF W MYERS-BROOKFIELD, WI	96
A1	DANIEL E BANTZ-CALEDONIA, WI	98
B1	RONALD DUFFY-BELOIT, WI	96
C1	BRUCE NEUMANN-MADISON, WI	94
D1	CHRIS RAMOS-MADISON, WI	97
NC1	JAMES E RIPHOU-MADISON, WI	86
JRCH	RICHARD HEIDORN-MOSINEE, WI	87
LYCH	VIRGINIA E WITTICH-WAUSAU, WI	90
DOUBLES - 50 TARGETS - 3 ENTRIES
CH AA JEFF W MYERS-BROOKFIELD, WI	47
RU C	JON B MYERS-BROOKFIELD, WI	47
AA1	MARK S REICHOW-MILWAUKEE, WI	45
HOA - 200 TARGETS - 8 ENTRIES
CH AA A P WITTICH-WAUSAU, WI	199
RU B	DANIEL E BANTZ-CALEDONIA, WI	197
AA1	BRUCE A RAMOS-MADISON, WI	195
A1	DAVID GRALEWICZ-OAK CREEK, WI	197
B1	CHRIS R SWANSON-MADISON, WI	190
C1	VIRGINIA E WITTICH-WAUSAU, WI	186
D1	RUSSELL V DANIELSON-WISCONSIN RAPI	173
E1	RICHARD HEIDORN-MOSINEE, WI	178
CANADA
ONTARIO SKEET SHOOTING ASSN   - JUN 06, 1982
HAMPTON ONTARIO, CANADA
35TH ONTARIO SKEET CHAMPIONSHIPS OPEN
12 GAUGE - 100 TARGETS - 70 ENTRIES
CH AA JOHN CREIGHTON-THOROLD, ONT, CAN	100
RU A	CECIL DOMINEY-TRENTON, ONT, CAN	100
AA1	RICHARD W SHERIDAN-OSHAWA, ONT, CA	99
AA2	GARY B MILLS-THORNHILL, ONT, CAN	99
AA3	RICHARD R LAWRY-HAGERSVILLE, ONT,	99
A1	GARY D MC EWAN-ONT, CAN	99
A2	FRANK CSASZAR-DON MILLS, ONT, CAN	98
A3	STUART SHEA-PETERBORO, ONT, CAN	98
B1	HARVEY GOLD-DON MILLS, ONT, CAN	98
B2	RICKIE ZINBERG-MARKHAM, ONT, CAN	95
B3	GUS COTROMEO-TORONTO, ONT, CAN	94
C1	CALVIN COYLE-TILLSONBURG, ONT, CAN	99
C2	ALLAN MORRIS-CAMBRIDGE, ONT, CAN	96
C3	JOAN M EGO-ONT, CAN	95
D1	JEFFREY H CUBITT-NEW DUNDEE, ONT,	94
D2	MARGARET MILLS-THORNHILL, ONT, CAN	93
D3	PAUL W MC KERROLL-COULSON, ONT, CA	93
E1	ANNE MIDDLETON-ONT, CAN	95
E2	CLIFF HAUSWIRTH-NORTH YORK, ONT, C	89
E3	TONY WOOTTON-TORONTO, ONT, CAN	87
JRCH	NATALIE FENNEY-QUEBEC, CANADA	78
LYCH	GINA TIRABASSI-ONT, CAN	97
LYRU	BONNIE MC ILROY-OSHAWA, ONT, CAN	96
SRCH	BILL GIBLIN-HWY, CAN	92
SRRU	WATSON K VAUGHAN-BRAMPTON, ONT, CA	90
SSCH	FRANK CSASZAR-DON MILLS, ONT, CAN	98
SSRU	STUART SHEA-PETERBORO, ONT, CAN	98
